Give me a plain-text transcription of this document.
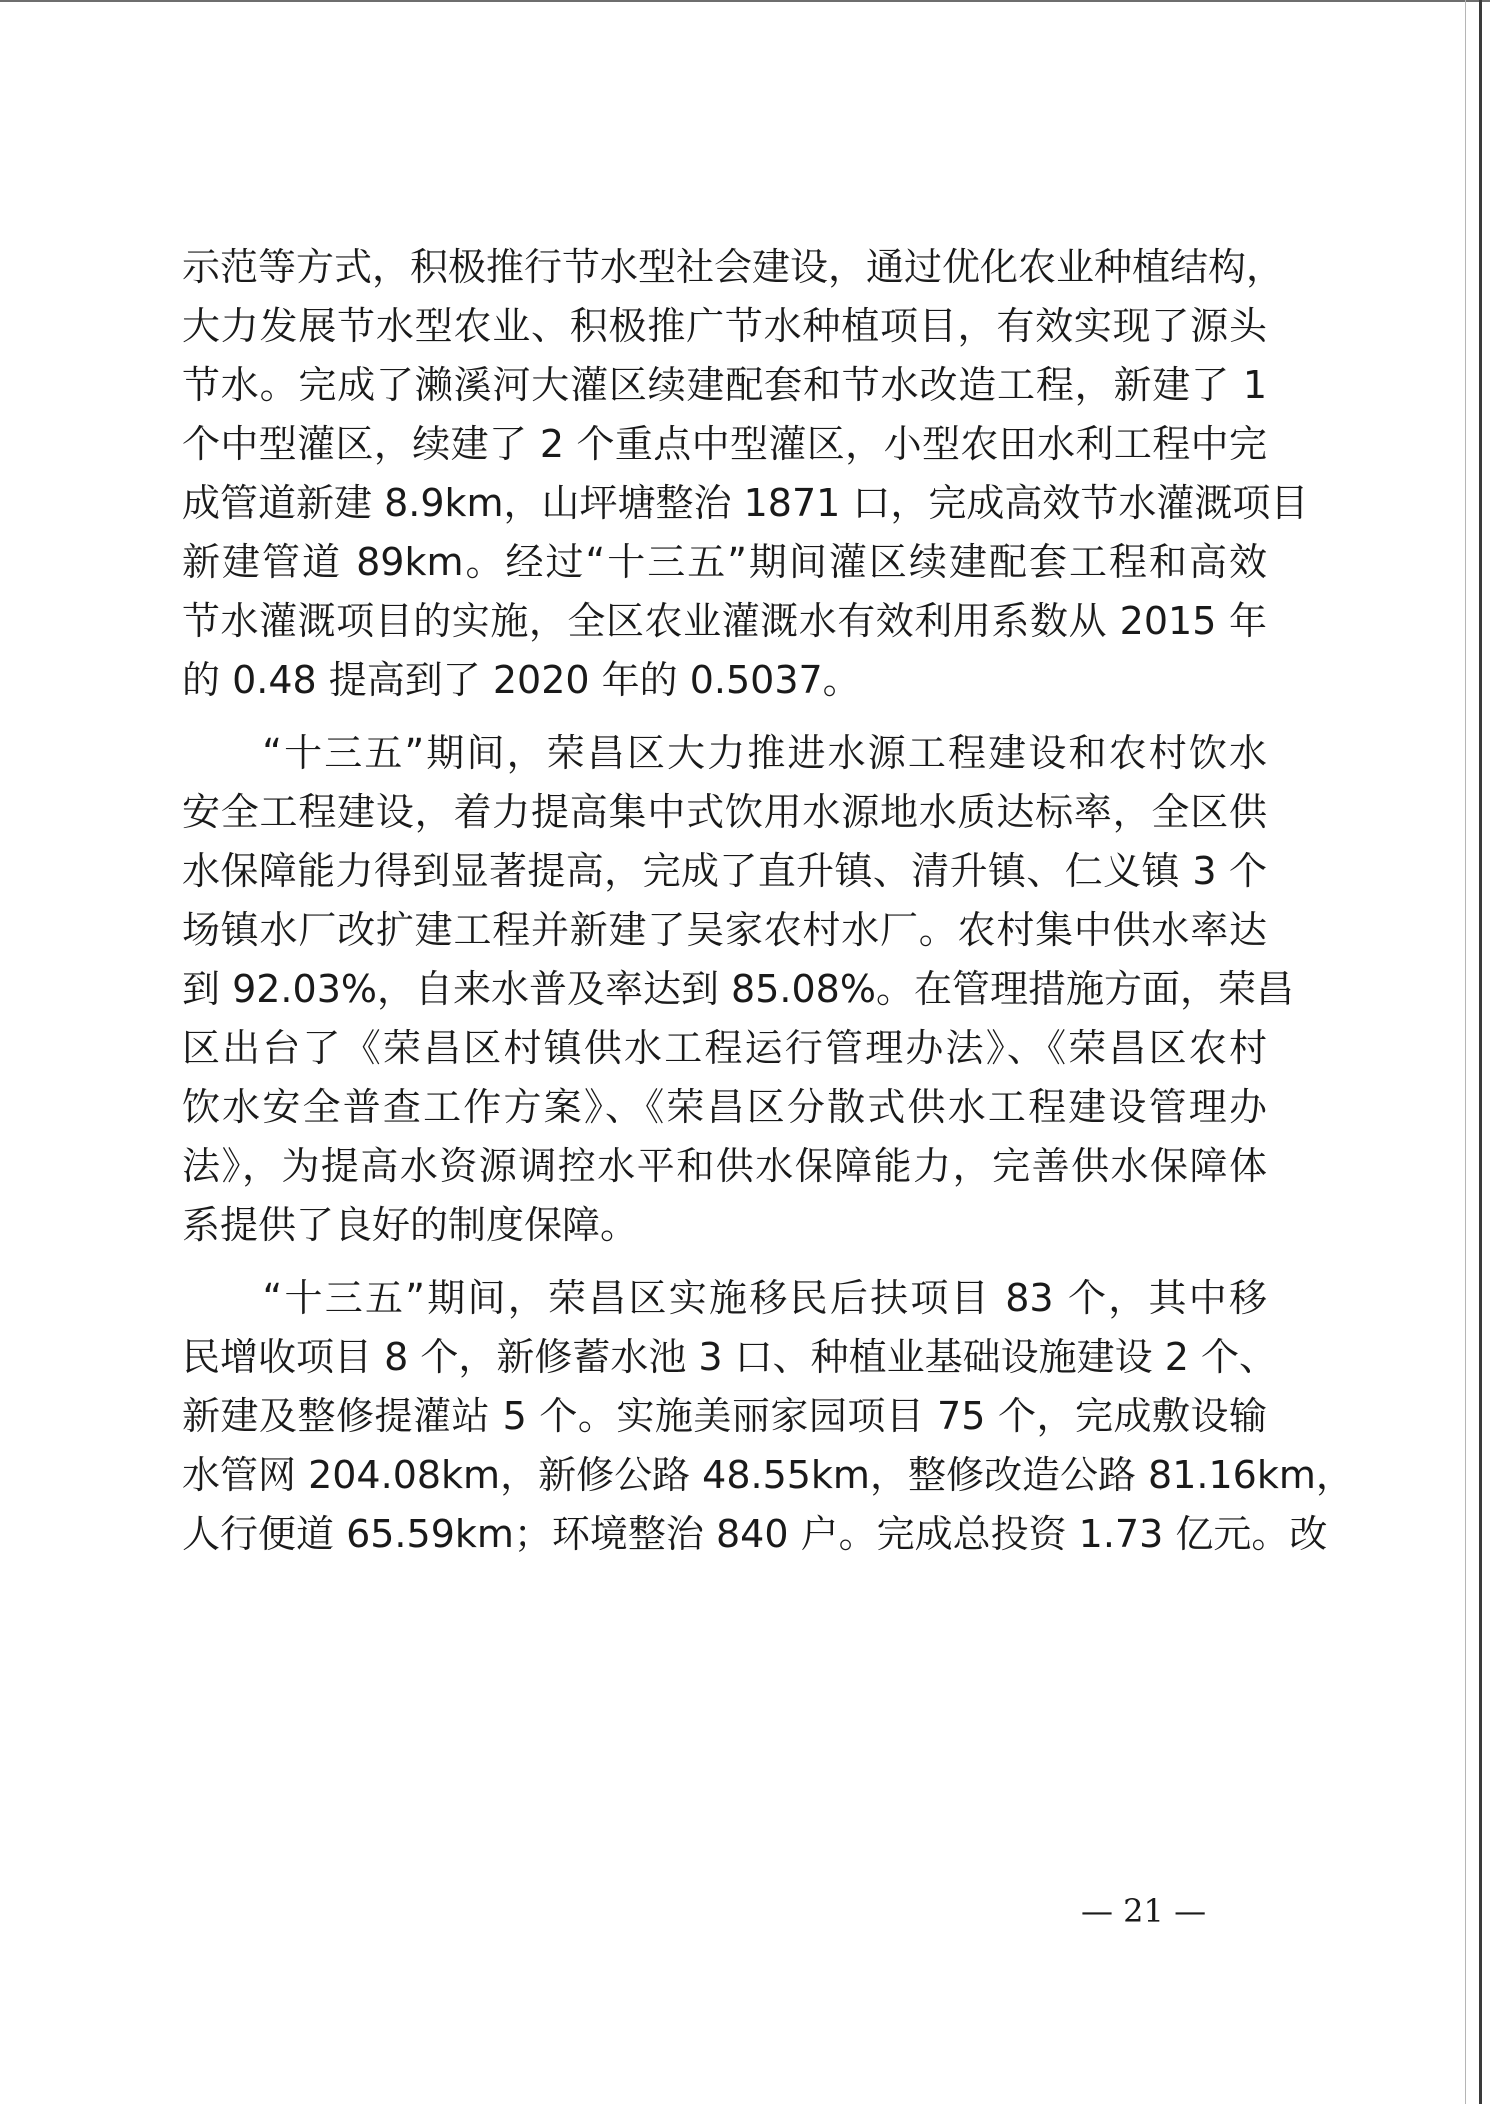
示范等方式，积极推行节水型社会建设，通过优化农业种植结构，
大力发展节水型农业、积极推广节水种植项目，有效实现了源头
节水。完成了濑溪河大灌区续建配套和节水改造工程，新建了 1
个中型灌区，续建了 2 个重点中型灌区，小型农田水利工程中完
成管道新建 8.9km，山坪塘整治 1871 口，完成高效节水灌溉项目
新建管道 89km。经过“十三五”期间灌区续建配套工程和高效
节水灌溉项目的实施，全区农业灌溉水有效利用系数从 2015 年
的 0.48 提高到了 2020 年的 0.5037。
　　“十三五”期间，荣昌区大力推进水源工程建设和农村饮水
安全工程建设，着力提高集中式饮用水源地水质达标率，全区供
水保障能力得到显著提高，完成了直升镇、清升镇、仁义镇 3 个
场镇水厂改扩建工程并新建了吴家农村水厂。农村集中供水率达
到 92.03%，自来水普及率达到 85.08%。在管理措施方面，荣昌
区出台了《荣昌区村镇供水工程运行管理办法》、《荣昌区农村
饮水安全普查工作方案》、《荣昌区分散式供水工程建设管理办
法》，为提高水资源调控水平和供水保障能力，完善供水保障体
系提供了良好的制度保障。
　　“十三五”期间，荣昌区实施移民后扶项目 83 个，其中移
民增收项目 8 个，新修蓄水池 3 口、种植业基础设施建设 2 个、
新建及整修提灌站 5 个。实施美丽家园项目 75 个，完成敷设输
水管网 204.08km，新修公路 48.55km，整修改造公路 81.16km，
人行便道 65.59km；环境整治 840 户。完成总投资 1.73 亿元。改
— 21 —
